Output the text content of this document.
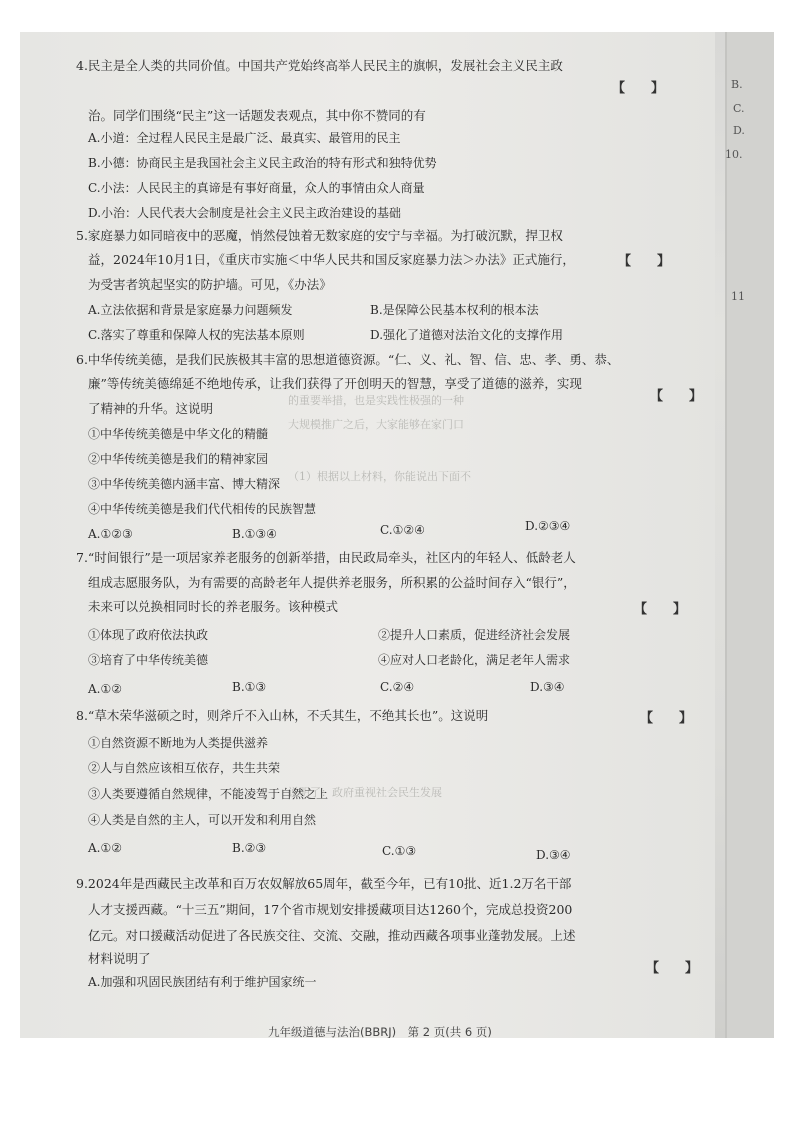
的重要举措，也是实践性极强的一种
大规模推广之后，大家能够在家门口
（1）根据以上材料，你能说出下面不
说明了：政府重视社会民生发展
4.民主是全人类的共同价值。中国共产党始终高举人民民主的旗帜，发展社会主义民主政
【　　】
治。同学们围绕“民主”这一话题发表观点，其中你不赞同的有
A.小道：全过程人民民主是最广泛、最真实、最管用的民主
B.小德：协商民主是我国社会主义民主政治的特有形式和独特优势
C.小法：人民民主的真谛是有事好商量，众人的事情由众人商量
D.小治：人民代表大会制度是社会主义民主政治建设的基础
5.家庭暴力如同暗夜中的恶魔，悄然侵蚀着无数家庭的安宁与幸福。为打破沉默，捍卫权
益，2024年10月1日，《重庆市实施＜中华人民共和国反家庭暴力法＞办法》正式施行，	【　　】
为受害者筑起坚实的防护墙。可见，《办法》
A.立法依据和背景是家庭暴力问题频发	B.是保障公民基本权利的根本法
C.落实了尊重和保障人权的宪法基本原则	D.强化了道德对法治文化的支撑作用
6.中华传统美德，是我们民族极其丰富的思想道德资源。“仁、义、礼、智、信、忠、孝、勇、恭、
廉”等传统美德绵延不绝地传承，让我们获得了开创明天的智慧，享受了道德的滋养，实现
【　　】
了精神的升华。这说明
①中华传统美德是中华文化的精髓
②中华传统美德是我们的精神家园
③中华传统美德内涵丰富、博大精深
④中华传统美德是我们代代相传的民族智慧
A.①②③	B.①③④	C.①②④	D.②③④
7.“时间银行”是一项居家养老服务的创新举措，由民政局牵头，社区内的年轻人、低龄老人
组成志愿服务队，为有需要的高龄老年人提供养老服务，所积累的公益时间存入“银行”，
未来可以兑换相同时长的养老服务。该种模式	【　　】
①体现了政府依法执政	②提升人口素质，促进经济社会发展
③培育了中华传统美德	④应对人口老龄化，满足老年人需求
A.①②	B.①③	C.②④	D.③④
8.“草木荣华滋硕之时，则斧斤不入山林，不夭其生，不绝其长也”。这说明	【　　】
①自然资源不断地为人类提供滋养
②人与自然应该相互依存，共生共荣
③人类要遵循自然规律，不能凌驾于自然之上
④人类是自然的主人，可以开发和利用自然
A.①②	B.②③	C.①③	D.③④
9.2024年是西藏民主改革和百万农奴解放65周年，截至今年，已有10批、近1.2万名干部
人才支援西藏。“十三五”期间，17个省市规划安排援藏项目达1260个，完成总投资200
亿元。对口援藏活动促进了各民族交往、交流、交融，推动西藏各项事业蓬勃发展。上述
材料说明了
【　　】
A.加强和巩固民族团结有利于维护国家统一
九年级道德与法治(BBRJ)　第 2 页(共 6 页)
B.
C.
D.
10.
11
